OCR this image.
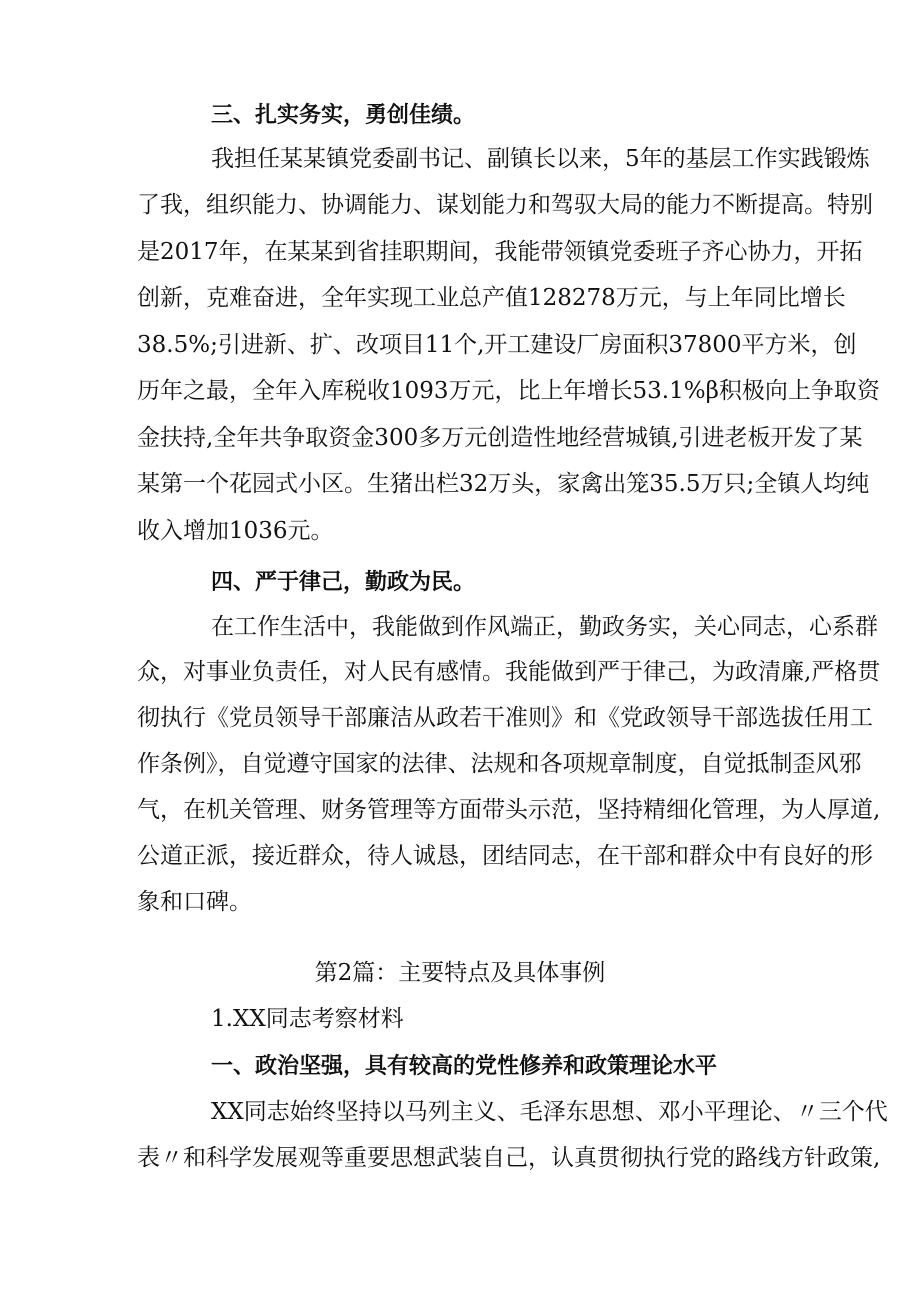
三、扎实务实，勇创佳绩。
我担任某某镇党委副书记、副镇长以来，5年的基层工作实践锻炼
了我，组织能力、协调能力、谋划能力和驾驭大局的能力不断提高。特别
是2017年，在某某到省挂职期间，我能带领镇党委班子齐心协力，开拓
创新，克难奋进，全年实现工业总产值128278万元，与上年同比增长
38.5%;引进新、扩、改项目11个,开工建设厂房面积37800平方米，创
历年之最，全年入库税收1093万元，比上年增长53.1%β积极向上争取资
金扶持,全年共争取资金300多万元创造性地经营城镇,引进老板开发了某
某第一个花园式小区。生猪出栏32万头，家禽出笼35.5万只;全镇人均纯
收入增加1036元。
四、严于律己，勤政为民。
在工作生活中，我能做到作风端正，勤政务实，关心同志，心系群
众，对事业负责任，对人民有感情。我能做到严于律己，为政清廉,严格贯
彻执行《党员领导干部廉洁从政若干准则》和《党政领导干部选拔任用工
作条例》，自觉遵守国家的法律、法规和各项规章制度，自觉抵制歪风邪
气，在机关管理、财务管理等方面带头示范，坚持精细化管理，为人厚道,
公道正派，接近群众，待人诚恳，团结同志，在干部和群众中有良好的形
象和口碑。
第2篇：主要特点及具体事例
1.XX同志考察材料
一、政治坚强，具有较高的党性修养和政策理论水平
XX同志始终坚持以马列主义、毛泽东思想、邓小平理论、〃三个代
表〃和科学发展观等重要思想武装自己，认真贯彻执行党的路线方针政策,
